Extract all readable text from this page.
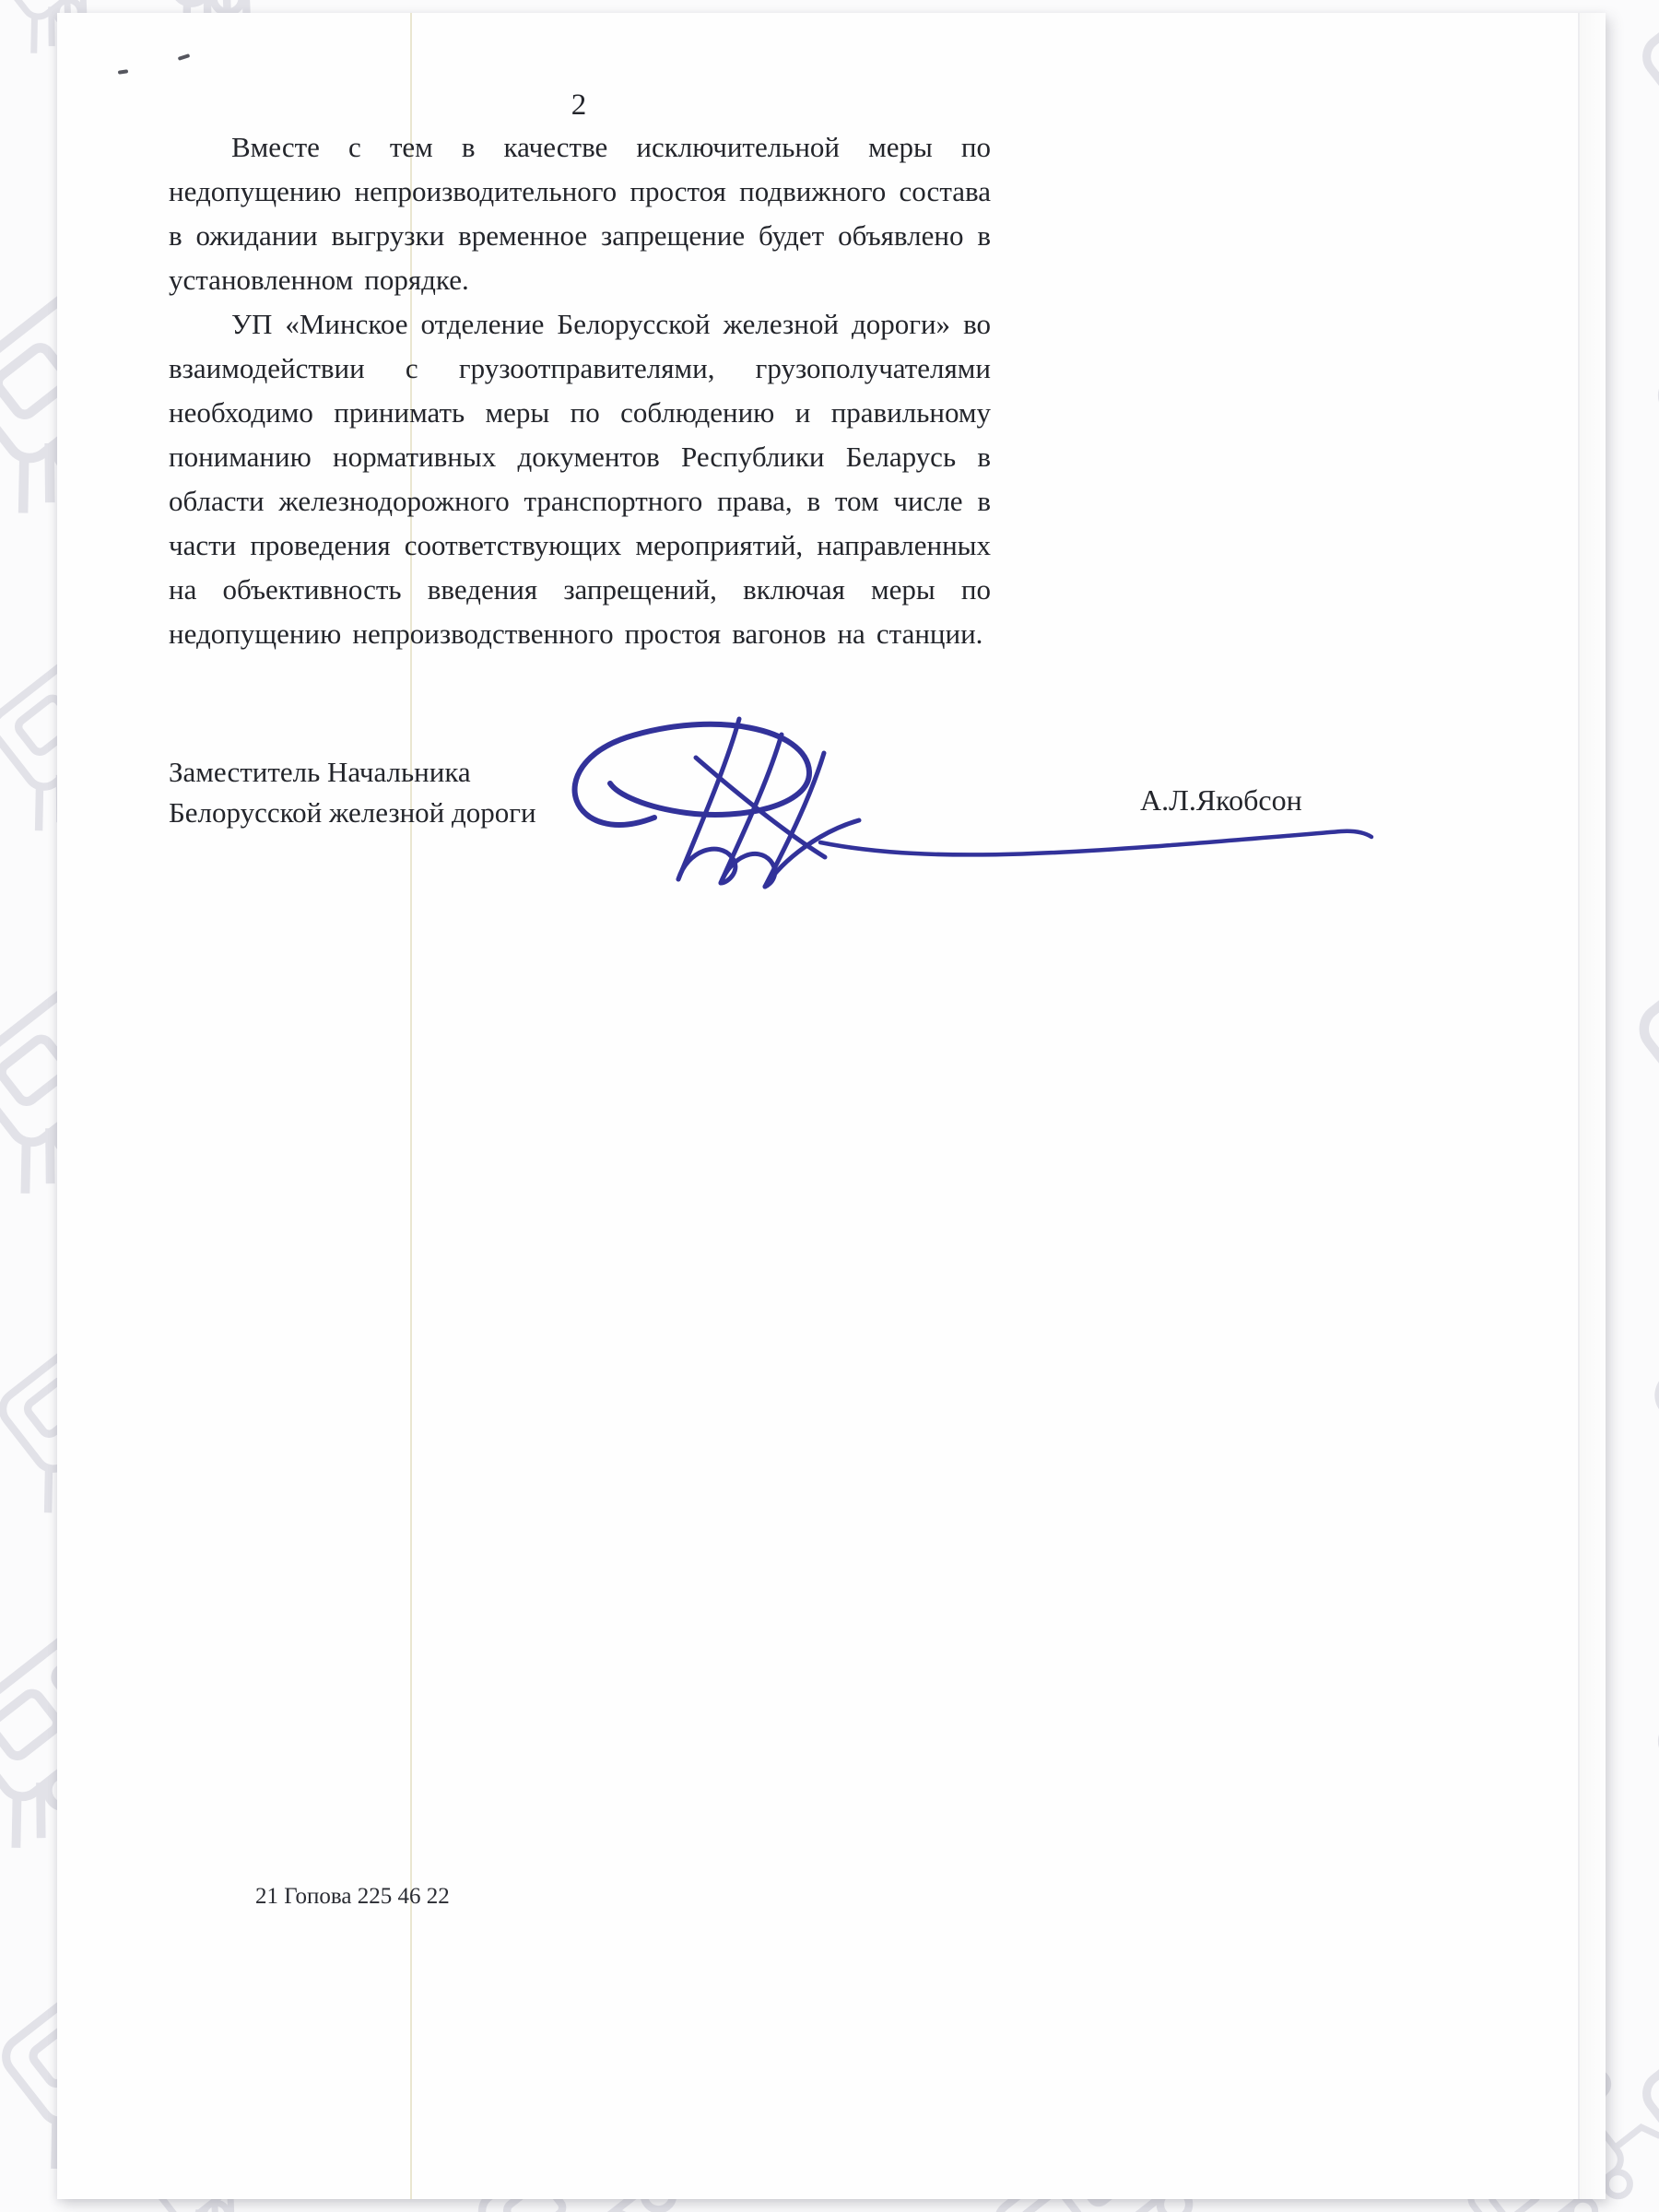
2

Вместе с тем в качестве исключительной меры по недопущению непроизводительного простоя подвижного состава в ожидании выгрузки временное запрещение будет объявлено в установленном порядке.

УП «Минское отделение Белорусской железной дороги» во взаимодействии с грузоотправителями, грузополучателями необходимо принимать меры по соблюдению и правильному пониманию нормативных документов Республики Беларусь в области железнодорожного транспортного права, в том числе в части проведения соответствующих мероприятий, направленных на объективность введения запрещений, включая меры по недопущению непроизводственного простоя вагонов на станции.

Заместитель Начальника
Белорусской железной дороги	А.Л.Якобсон
21 Гопова 225 46 22
